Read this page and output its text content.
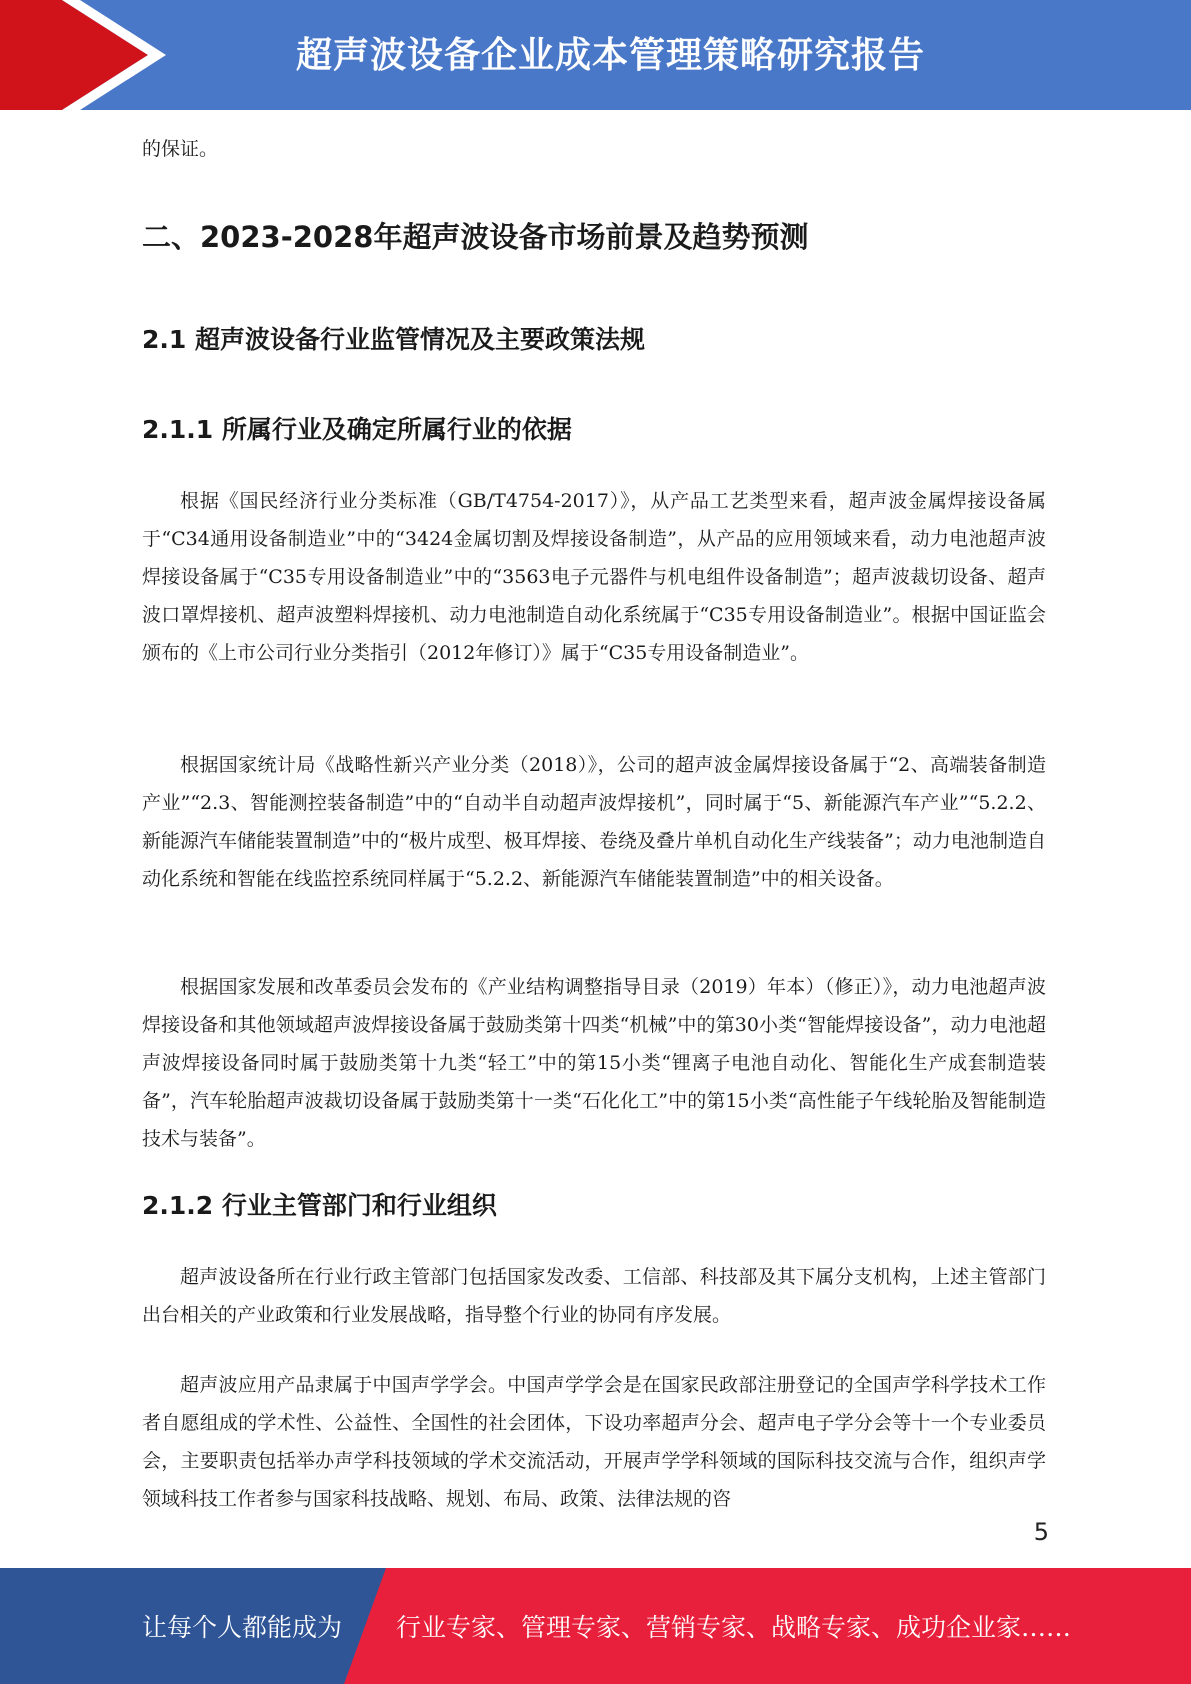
超声波设备企业成本管理策略研究报告

的保证。

二、2023-2028年超声波设备市场前景及趋势预测
2.1 超声波设备行业监管情况及主要政策法规
2.1.1 所属行业及确定所属行业的依据

根据《国民经济行业分类标准（GB/T4754-2017）》，从产品工艺类型来看，超声波金属焊接设备属于“C34通用设备制造业”中的“3424金属切割及焊接设备制造”，从产品的应用领域来看，动力电池超声波焊接设备属于“C35专用设备制造业”中的“3563电子元器件与机电组件设备制造”；超声波裁切设备、超声波口罩焊接机、超声波塑料焊接机、动力电池制造自动化系统属于“C35专用设备制造业”。根据中国证监会颁布的《上市公司行业分类指引（2012年修订）》属于“C35专用设备制造业”。

根据国家统计局《战略性新兴产业分类（2018）》，公司的超声波金属焊接设备属于“2、高端装备制造产业”“2.3、智能测控装备制造”中的“自动半自动超声波焊接机”，同时属于“5、新能源汽车产业”“5.2.2、新能源汽车储能装置制造”中的“极片成型、极耳焊接、卷绕及叠片单机自动化生产线装备”；动力电池制造自动化系统和智能在线监控系统同样属于“5.2.2、新能源汽车储能装置制造”中的相关设备。

根据国家发展和改革委员会发布的《产业结构调整指导目录（2019）年本）（修正）》，动力电池超声波焊接设备和其他领域超声波焊接设备属于鼓励类第十四类“机械”中的第30小类“智能焊接设备”，动力电池超声波焊接设备同时属于鼓励类第十九类“轻工”中的第15小类“锂离子电池自动化、智能化生产成套制造装备”，汽车轮胎超声波裁切设备属于鼓励类第十一类“石化化工”中的第15小类“高性能子午线轮胎及智能制造技术与装备”。

2.1.2 行业主管部门和行业组织

超声波设备所在行业行政主管部门包括国家发改委、工信部、科技部及其下属分支机构，上述主管部门出台相关的产业政策和行业发展战略，指导整个行业的协同有序发展。

超声波应用产品隶属于中国声学学会。中国声学学会是在国家民政部注册登记的全国声学科学技术工作者自愿组成的学术性、公益性、全国性的社会团体，下设功率超声分会、超声电子学分会等十一个专业委员会，主要职责包括举办声学科技领域的学术交流活动，开展声学学科领域的国际科技交流与合作，组织声学领域科技工作者参与国家科技战略、规划、布局、政策、法律法规的咨

5
让每个人都能成为 行业专家、管理专家、营销专家、战略专家、成功企业家……
